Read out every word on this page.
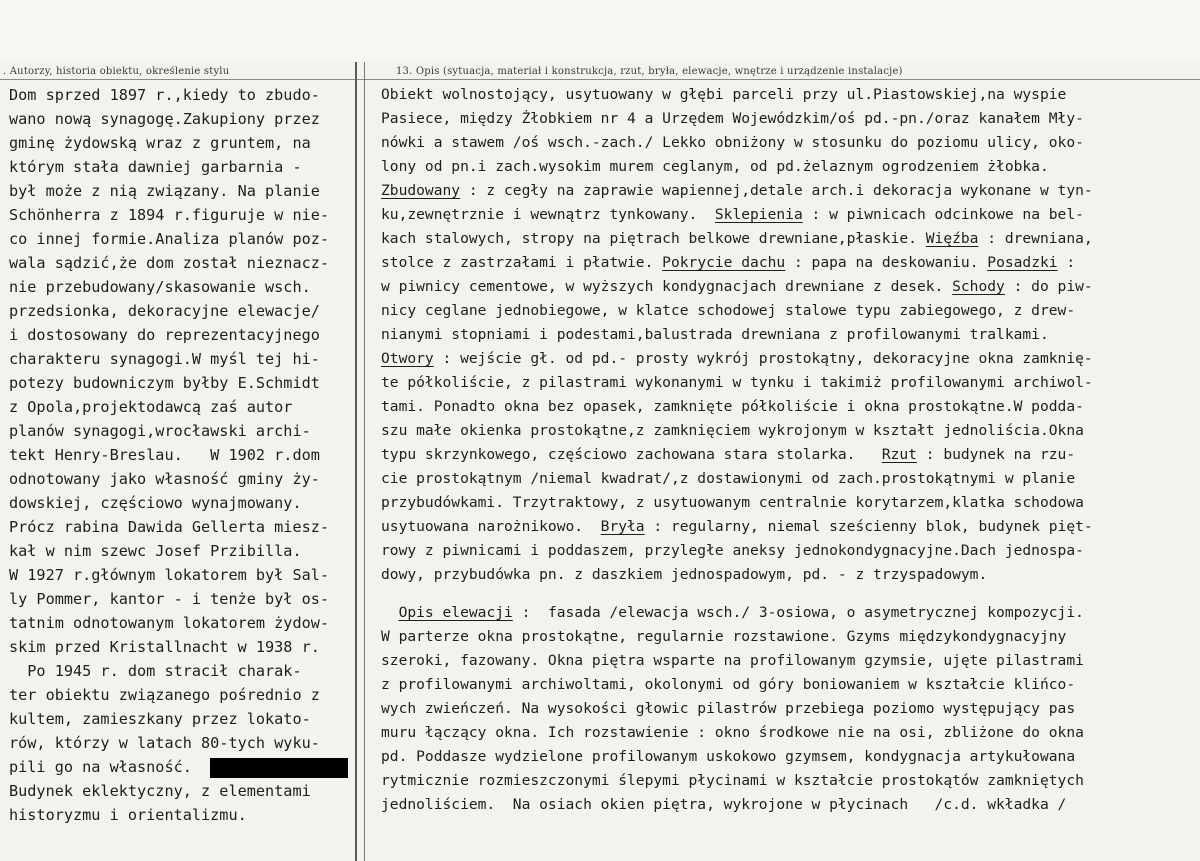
. Autorzy, historia obiektu, określenie stylu	13. Opis (sytuacja, materiał i konstrukcja, rzut, bryła, elewacje, wnętrze i urządzenie instalacje)
Dom sprzed 1897 r.,kiedy to zbudo-
wano nową synagogę.Zakupiony przez
gminę żydowską wraz z gruntem, na
którym stała dawniej garbarnia -
był może z nią związany. Na planie
Schönherra z 1894 r.figuruje w nie-
co innej formie.Analiza planów poz-
wala sądzić,że dom został nieznacz-
nie przebudowany/skasowanie wsch.
przedsionka, dekoracyjne elewacje/
i dostosowany do reprezentacyjnego
charakteru synagogi.W myśl tej hi-
potezy budowniczym byłby E.Schmidt
z Opola,projektodawcą zaś autor
planów synagogi,wrocławski archi-
tekt Henry-Breslau.   W 1902 r.dom
odnotowany jako własność gminy ży-
dowskiej, częściowo wynajmowany.
Prócz rabina Dawida Gellerta miesz-
kał w nim szewc Josef Przibilla.
W 1927 r.głównym lokatorem był Sal-
ly Pommer, kantor - i tenże był os-
tatnim odnotowanym lokatorem żydow-
skim przed Kristallnacht w 1938 r.
Po 1945 r. dom stracił charak-
ter obiektu związanego pośrednio z
kultem, zamieszkany przez lokato-
rów, którzy w latach 80-tych wyku-
pili go na własność.
Budynek eklektyczny, z elementami
historyzmu i orientalizmu.
Obiekt wolnostojący, usytuowany w głębi parceli przy ul.Piastowskiej,na wyspie
Pasiece, między Żłobkiem nr 4 a Urzędem Wojewódzkim/oś pd.-pn./oraz kanałem Mły-
nówki a stawem /oś wsch.-zach./ Lekko obniżony w stosunku do poziomu ulicy, oko-
lony od pn.i zach.wysokim murem ceglanym, od pd.żelaznym ogrodzeniem żłobka.
Zbudowany : z cegły na zaprawie wapiennej,detale arch.i dekoracja wykonane w tyn-
ku,zewnętrznie i wewnątrz tynkowany.  Sklepienia : w piwnicach odcinkowe na bel-
kach stalowych, stropy na piętrach belkowe drewniane,płaskie. Więźba : drewniana,
stolce z zastrzałami i płatwie. Pokrycie dachu : papa na deskowaniu. Posadzki :
w piwnicy cementowe, w wyższych kondygnacjach drewniane z desek. Schody : do piw-
nicy ceglane jednobiegowe, w klatce schodowej stalowe typu zabiegowego, z drew-
nianymi stopniami i podestami,balustrada drewniana z profilowanymi tralkami.
Otwory : wejście gł. od pd.- prosty wykrój prostokątny, dekoracyjne okna zamknię-
te półkoliście, z pilastrami wykonanymi w tynku i takimiż profilowanymi archiwol-
tami. Ponadto okna bez opasek, zamknięte półkoliście i okna prostokątne.W podda-
szu małe okienka prostokątne,z zamknięciem wykrojonym w kształt jednoliścia.Okna
typu skrzynkowego, częściowo zachowana stara stolarka.   Rzut : budynek na rzu-
cie prostokątnym /niemal kwadrat/,z dostawionymi od zach.prostokątnymi w planie
przybudówkami. Trzytraktowy, z usytuowanym centralnie korytarzem,klatka schodowa
usytuowana narożnikowo.  Bryła : regularny, niemal sześcienny blok, budynek pięt-
rowy z piwnicami i poddaszem, przyległe aneksy jednokondygnacyjne.Dach jednospa-
dowy, przybudówka pn. z daszkiem jednospadowym, pd. - z trzyspadowym.
Opis elewacji :  fasada /elewacja wsch./ 3-osiowa, o asymetrycznej kompozycji.
W parterze okna prostokątne, regularnie rozstawione. Gzyms międzykondygnacyjny
szeroki, fazowany. Okna piętra wsparte na profilowanym gzymsie, ujęte pilastrami
z profilowanymi archiwoltami, okolonymi od góry boniowaniem w kształcie klińco-
wych zwieńczeń. Na wysokości głowic pilastrów przebiega poziomo występujący pas
muru łączący okna. Ich rozstawienie : okno środkowe nie na osi, zbliżone do okna
pd. Poddasze wydzielone profilowanym uskokowo gzymsem, kondygnacja artykułowana
rytmicznie rozmieszczonymi ślepymi płycinami w kształcie prostokątów zamkniętych
jednoliściem.  Na osiach okien piętra, wykrojone w płycinach   /c.d. wkładka /
